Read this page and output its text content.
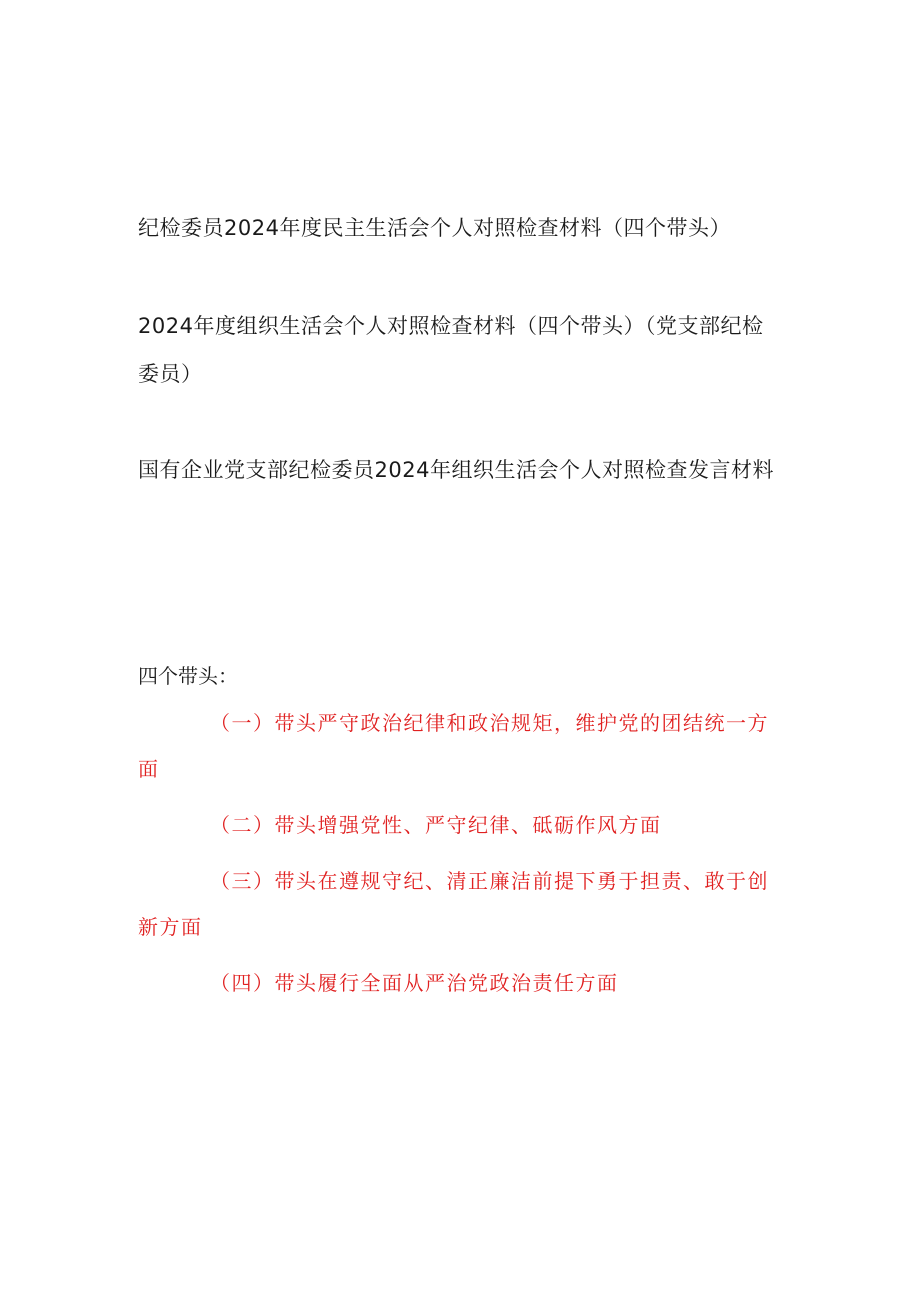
纪检委员2024年度民主生活会个人对照检查材料（四个带头）
2024年度组织生活会个人对照检查材料（四个带头）（党支部纪检委员）
国有企业党支部纪检委员2024年组织生活会个人对照检查发言材料

四个带头：

（一）带头严守政治纪律和政治规矩，维护党的团结统一方面
（二）带头增强党性、严守纪律、砥砺作风方面
（三）带头在遵规守纪、清正廉洁前提下勇于担责、敢于创新方面
（四）带头履行全面从严治党政治责任方面
